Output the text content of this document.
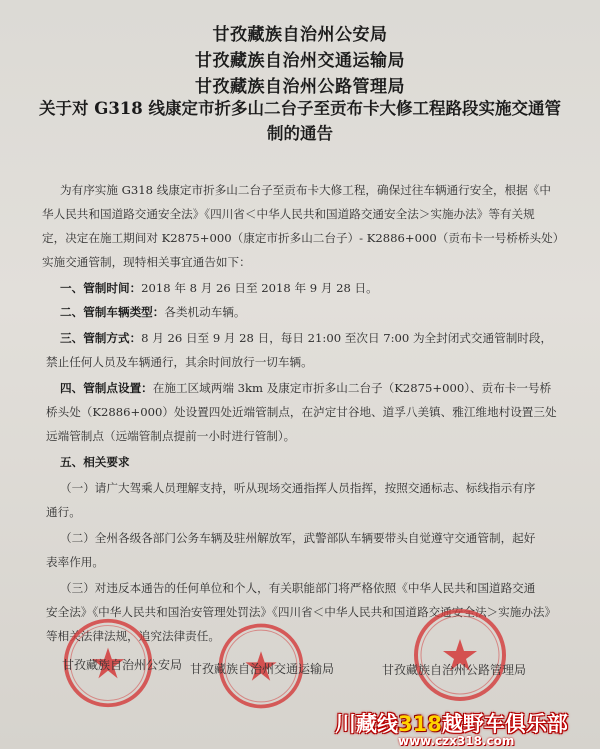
甘孜藏族自治州公安局
甘孜藏族自治州交通运输局
甘孜藏族自治州公路管理局
关于对 G318 线康定市折多山二台子至贡布卡大修工程路段实施交通管
制的通告
为有序实施 G318 线康定市折多山二台子至贡布卡大修工程，确保过往车辆通行安全，根据《中
华人民共和国道路交通安全法》《四川省＜中华人民共和国道路交通安全法＞实施办法》等有关规
定，决定在施工期间对 K2875+000（康定市折多山二台子）- K2886+000（贡布卡一号桥桥头处）
实施交通管制，现特相关事宜通告如下：
一、管制时间：2018 年 8 月 26 日至 2018 年 9 月 28 日。
二、管制车辆类型：各类机动车辆。
三、管制方式：8 月 26 日至 9 月 28 日，每日 21:00 至次日 7:00 为全封闭式交通管制时段，
禁止任何人员及车辆通行，其余时间放行一切车辆。
四、管制点设置：在施工区域两端 3km 及康定市折多山二台子（K2875+000）、贡布卡一号桥
桥头处（K2886+000）处设置四处近端管制点，在泸定甘谷地、道孚八美镇、雅江维地村设置三处
远端管制点（远端管制点提前一小时进行管制）。
五、相关要求
（一）请广大驾乘人员理解支持，听从现场交通指挥人员指挥，按照交通标志、标线指示有序
通行。
（二）全州各级各部门公务车辆及驻州解放军，武警部队车辆要带头自觉遵守交通管制，起好
表率作用。
（三）对违反本通告的任何单位和个人，有关职能部门将严格依照《中华人民共和国道路交通
安全法》《中华人民共和国治安管理处罚法》《四川省＜中华人民共和国道路交通安全法＞实施办法》
等相关法律法规，追究法律责任。
甘孜藏族自治州公安局 甘孜藏族自治州交通运输局	甘孜藏族自治州公路管理局
川藏线318越野车俱乐部
www.czx318.com
